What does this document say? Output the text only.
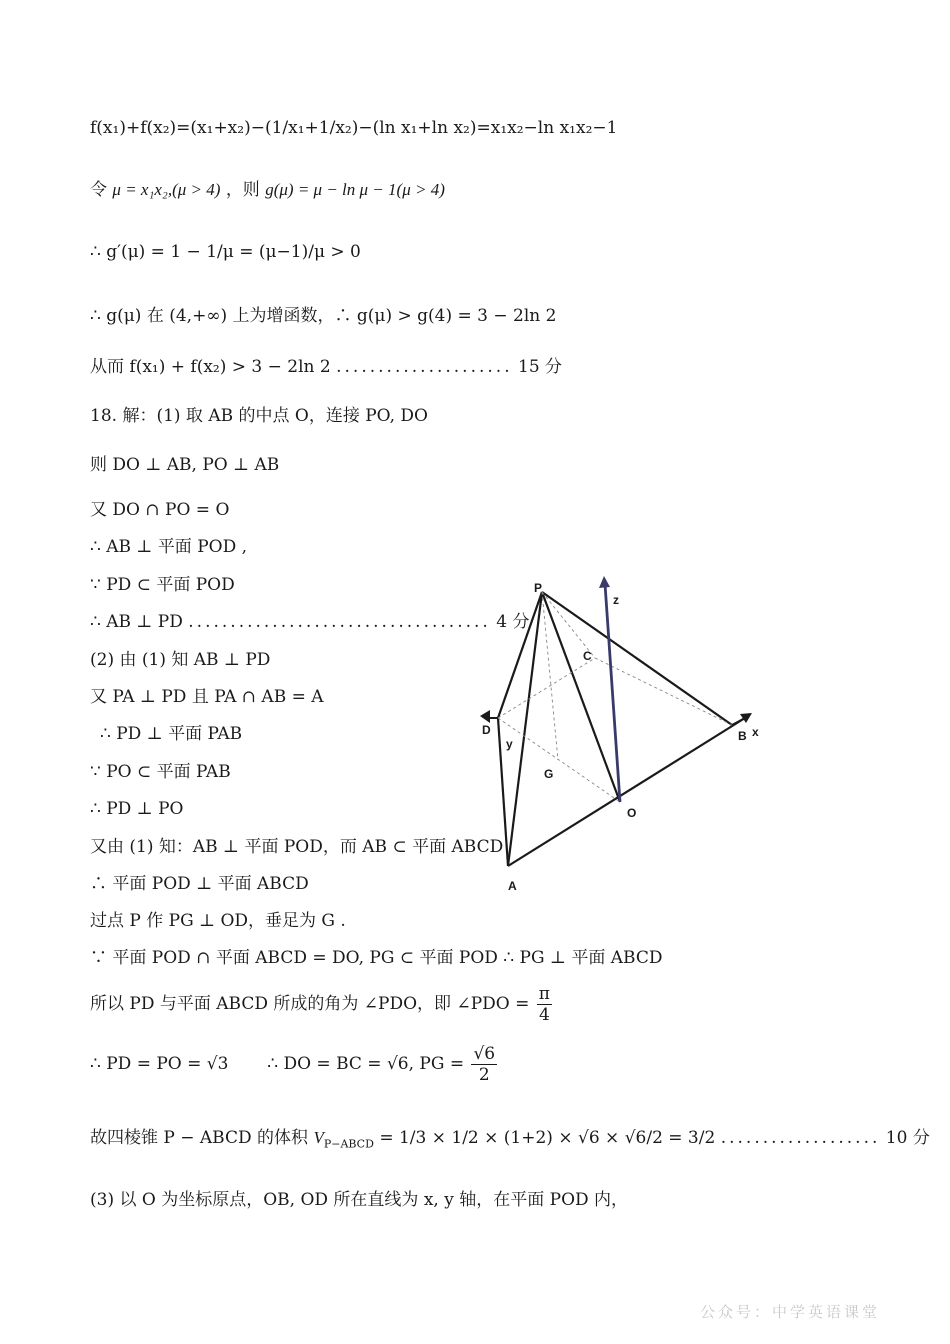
f(x₁)+f(x₂)=(x₁+x₂)−(1/x₁+1/x₂)−(ln x₁+ln x₂)=x₁x₂−ln x₁x₂−1
令 μ = x₁x₂,(μ > 4) ，则 g(μ) = μ − ln μ − 1(μ > 4)
∴ g′(μ) = 1 − 1/μ = (μ−1)/μ > 0
∴ g(μ) 在 (4,+∞) 上为增函数，∴ g(μ) > g(4) = 3 − 2ln 2
从而 f(x₁) + f(x₂) > 3 − 2ln 2 ..................... 15 分
18. 解：(1) 取 AB 的中点 O，连接 PO, DO
则 DO ⊥ AB, PO ⊥ AB
又 DO ∩ PO = O
∴ AB ⊥ 平面 POD ,
∵ PD ⊂ 平面 POD
∴ AB ⊥ PD .................................... 4 分
(2) 由 (1) 知 AB ⊥ PD
又 PA ⊥ PD 且 PA ∩ AB = A
∴ PD ⊥ 平面 PAB
∵ PO ⊂ 平面 PAB
∴ PD ⊥ PO
又由 (1) 知：AB ⊥ 平面 POD，而 AB ⊂ 平面 ABCD
∴ 平面 POD ⊥ 平面 ABCD
过点 P 作 PG ⊥ OD，垂足为 G .
∵ 平面 POD ∩ 平面 ABCD = DO, PG ⊂ 平面 POD ∴ PG ⊥ 平面 ABCD
所以 PD 与平面 ABCD 所成的角为 ∠PDO，即 ∠PDO = $\frac{\pi}{4}$
∴ PD = PO = √3 ∴ DO = BC = √6, PG = $\frac{√6}{2}$
故四棱锥 P − ABCD 的体积 $V_{P-ABCD} = 1/3 \times 1/2 \times (1+2) \times √6 \times √6/2 = 3/2$ ................... 10 分
(3) 以 O 为坐标原点，OB, OD 所在直线为 x, y 轴，在平面 POD 内，
P
C
D
y
G
O
A
B x
z
公众号：中学英语课堂
